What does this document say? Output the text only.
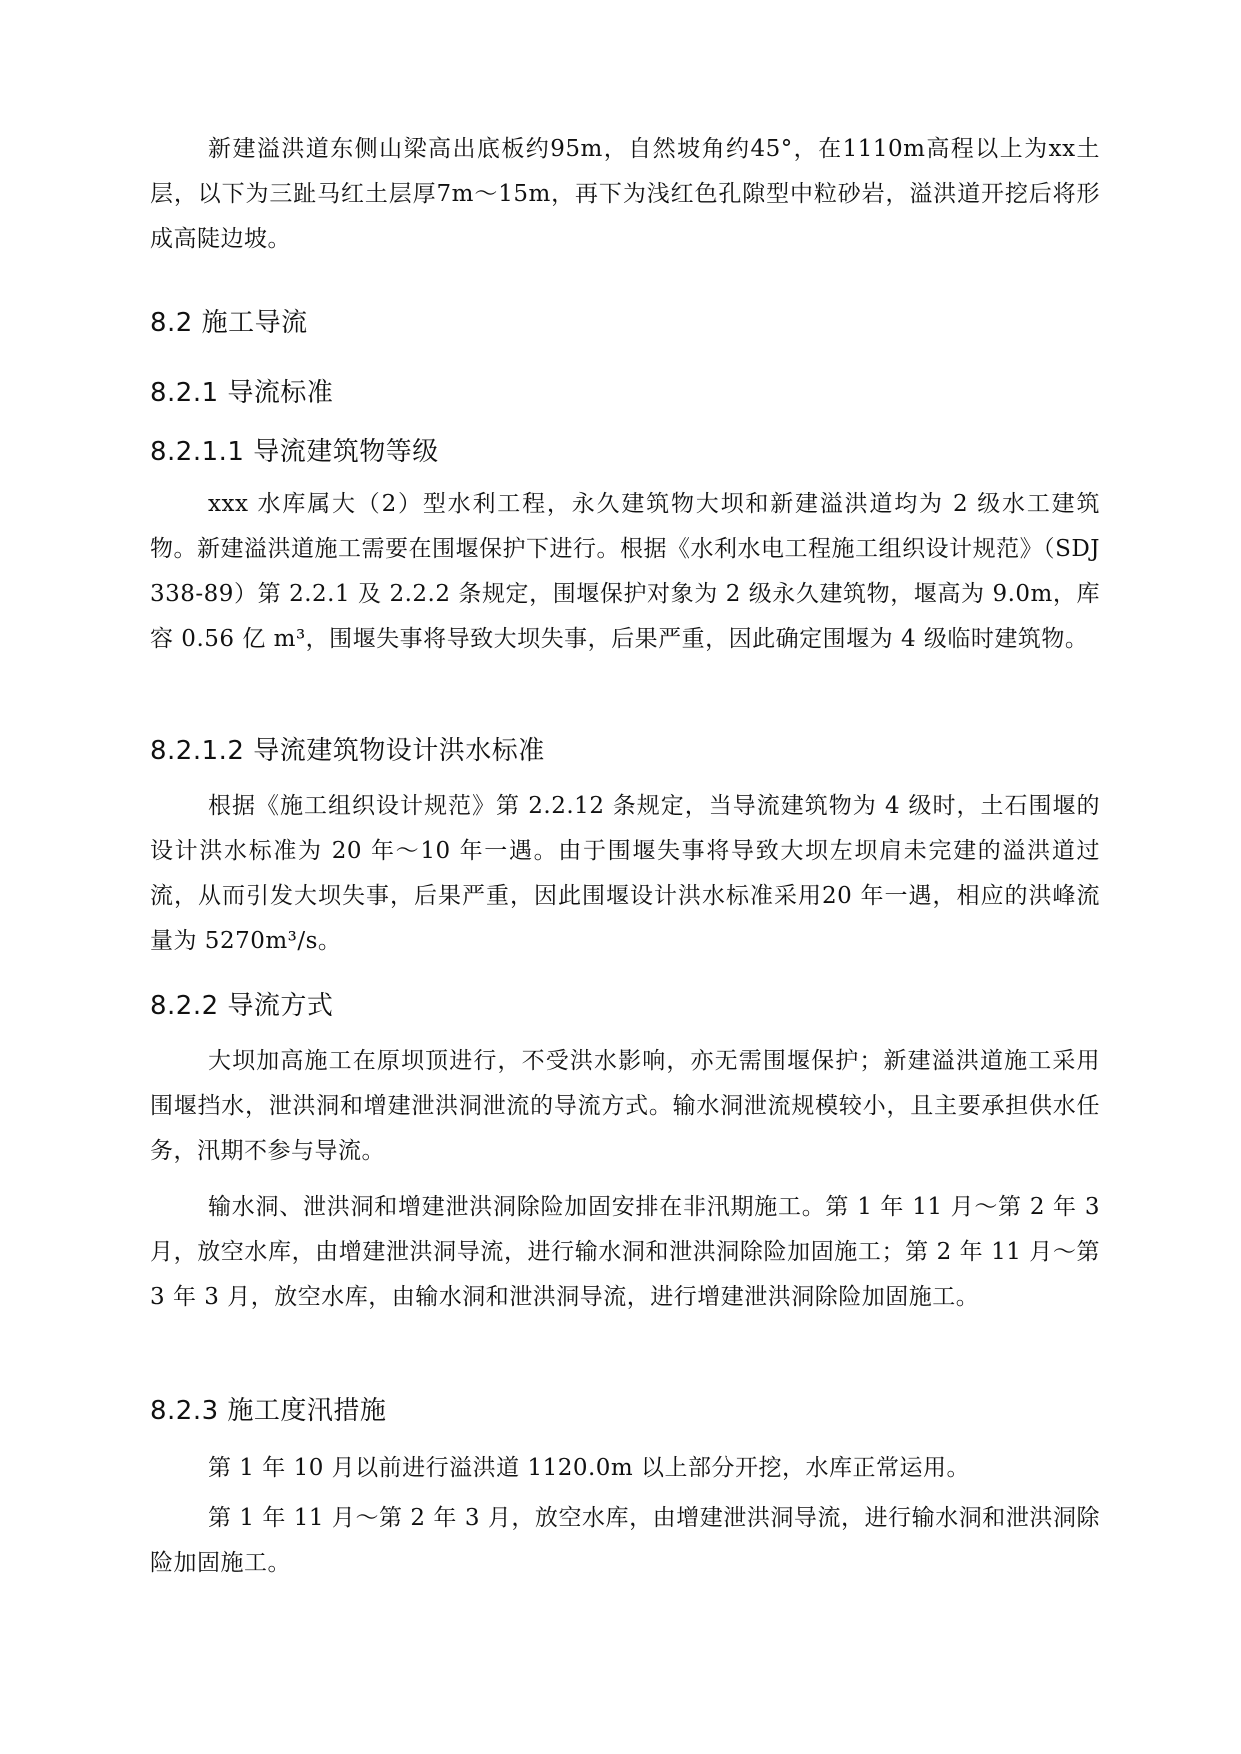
新建溢洪道东侧山梁高出底板约95m，自然坡角约45°，在1110m高程以上为xx土层，以下为三趾马红土层厚7m～15m，再下为浅红色孔隙型中粒砂岩，溢洪道开挖后将形成高陡边坡。

8.2 施工导流
8.2.1 导流标准
8.2.1.1 导流建筑物等级

xxx 水库属大（2）型水利工程，永久建筑物大坝和新建溢洪道均为 2 级水工建筑物。新建溢洪道施工需要在围堰保护下进行。根据《水利水电工程施工组织设计规范》（SDJ338-89）第 2.2.1 及 2.2.2 条规定，围堰保护对象为 2 级永久建筑物，堰高为 9.0m，库容 0.56 亿 m³，围堰失事将导致大坝失事，后果严重，因此确定围堰为 4 级临时建筑物。

8.2.1.2 导流建筑物设计洪水标准

根据《施工组织设计规范》第 2.2.12 条规定，当导流建筑物为 4 级时，土石围堰的设计洪水标准为 20 年～10 年一遇。由于围堰失事将导致大坝左坝肩未完建的溢洪道过流，从而引发大坝失事，后果严重，因此围堰设计洪水标准采用20 年一遇，相应的洪峰流量为 5270m³/s。

8.2.2 导流方式

大坝加高施工在原坝顶进行，不受洪水影响，亦无需围堰保护；新建溢洪道施工采用围堰挡水，泄洪洞和增建泄洪洞泄流的导流方式。输水洞泄流规模较小，且主要承担供水任务，汛期不参与导流。

输水洞、泄洪洞和增建泄洪洞除险加固安排在非汛期施工。第 1 年 11 月～第 2 年 3 月，放空水库，由增建泄洪洞导流，进行输水洞和泄洪洞除险加固施工；第 2 年 11 月～第 3 年 3 月，放空水库，由输水洞和泄洪洞导流，进行增建泄洪洞除险加固施工。

8.2.3 施工度汛措施

第 1 年 10 月以前进行溢洪道 1120.0m 以上部分开挖，水库正常运用。

第 1 年 11 月～第 2 年 3 月，放空水库，由增建泄洪洞导流，进行输水洞和泄洪洞除险加固施工。
